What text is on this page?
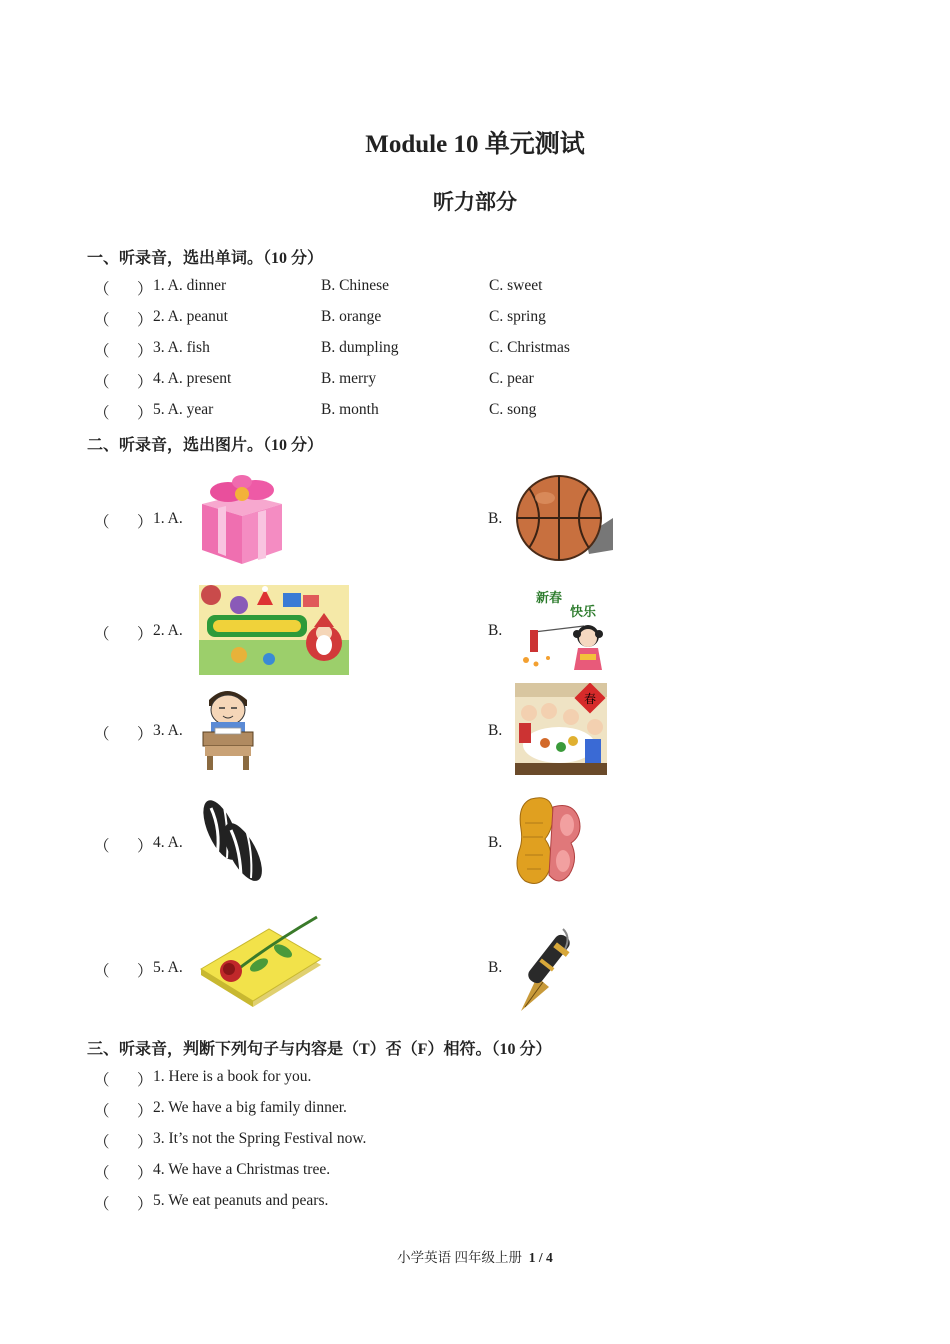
Module 10 单元测试
听力部分
一、听录音，选出单词。（10 分）
（ ） 1. A. dinner	B. Chinese	C. sweet
（ ） 2. A. peanut	B. orange	C. spring
（ ） 3. A. fish	B. dumpling	C. Christmas
（ ） 4. A. present	B. merry	C. pear
（ ） 5. A. year	B. month	C. song
二、听录音，选出图片。（10 分）
（ ） 1. A.	B.
（ ） 2. A.	B.
新春
快乐
（ ） 3. A.	B.
春
（ ） 4. A.	B.
（ ） 5. A.	B.
三、听录音，判断下列句子与内容是（T）否（F）相符。（10 分）
（ ） 1. Here is a book for you.
（ ） 2. We have a big family dinner.
（ ） 3. It’s not the Spring Festival now.
（ ） 4. We have a Christmas tree.
（ ） 5. We eat peanuts and pears.
小学英语 四年级上册 1 / 4
